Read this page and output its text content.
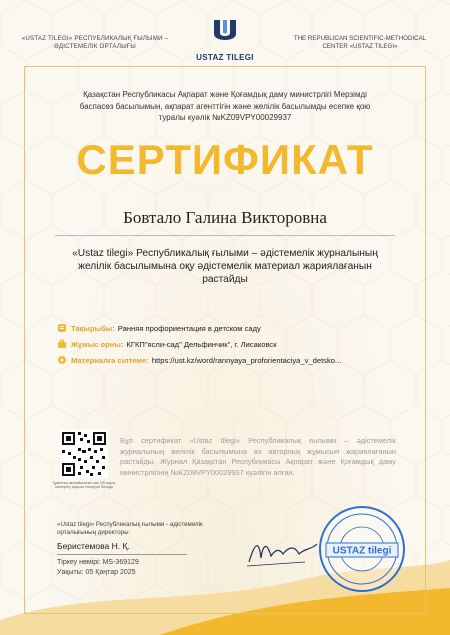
«USTAZ TILEGI» РЕСПУБЛИКАЛЫҚ ҒЫЛЫМИ – ӘДІСТЕМЕЛІК ОРТАЛЫҒЫ
USTAZ TILEGI
THE REPUBLICAN SCIENTIFIC-METHODICAL CENTER «USTAZ TILEGI»
Қазақстан Республикасы Ақпарат және Қоғамдық даму министрлігі Мерзімді баспасөз басылымын, ақпарат агенттігін және желілік басылымды есепке қою туралы куәлік №KZ09VPY00029937
СЕРТИФИКАТ
Бовтало Галина Викторовна
«Ustaz tilegi» Республикалық ғылыми – әдістемелік журналының желілік басылымына оқу әдістемелік материал жариялағанын растайды
Тақырыбы: Ранняя профориентация в детском саду
Жұмыс орны: КГКП"ясли-сад" Дельфинчик", г. Лисаковск
Материалға сілтеме: https://ust.kz/word/rannyaya_proforientaciya_v_detsko...
Құжаттың шынайылығын осы QR кодты сканерлеу арқылы тексеруге болады
Бұл сертификат «Ustaz tilegi» Республикалық ғылыми – әдістемелік журналының желілік басылымына өз авторлық жұмысын жариялағанын растайды. Журнал Қазақстан Республикасы Ақпарат және Қоғамдық даму министрлігінің №KZ09VPY00029937 куәлігін алған.
«Ustaz tilegi» Республикалық ғылыми - әдістемелік орталығының директоры
Беристемова Н. Қ.
Тіркеу нөмірі: MS-369129
Уақыты: 05 Қаңтар 2025
USTAZ tilegi
